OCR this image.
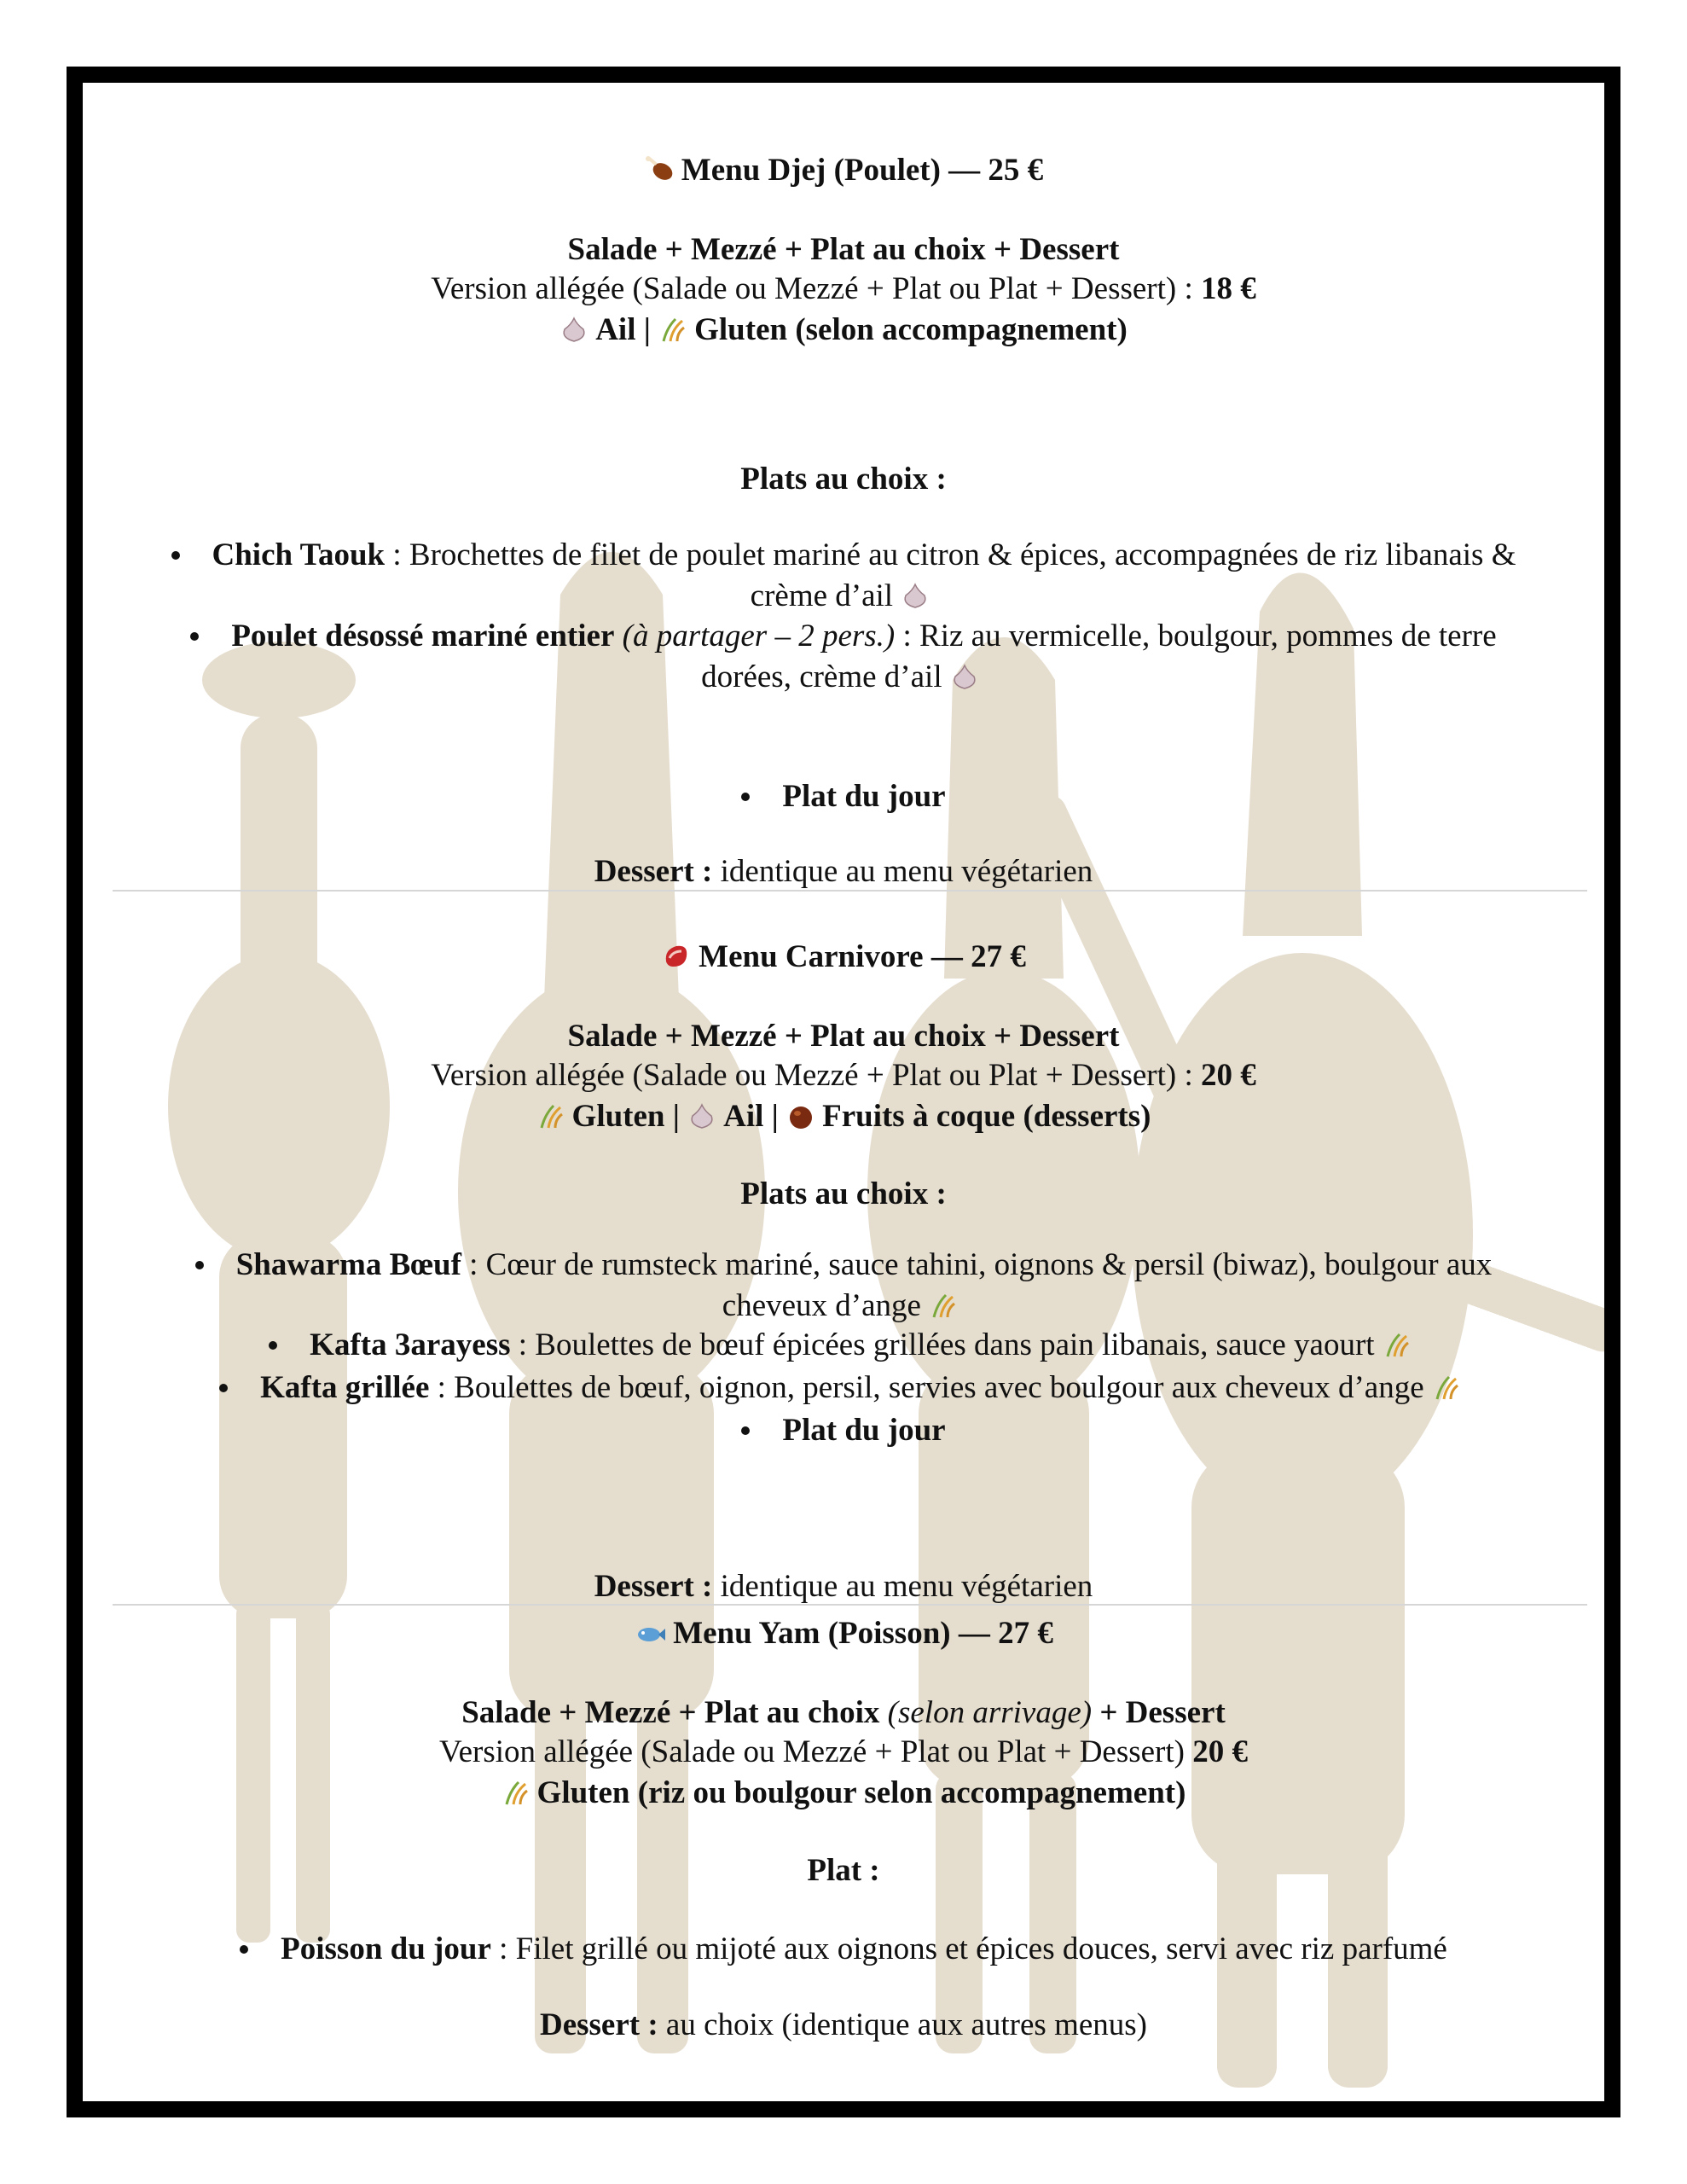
Menu Djej (Poulet) — 25 €
Salade + Mezzé + Plat au choix + Dessert
Version allégée (Salade ou Mezzé + Plat ou Plat + Dessert) : 18 €
Ail | Gluten (selon accompagnement)
Plats au choix :
Chich Taouk : Brochettes de filet de poulet mariné au citron & épices, accompagnées de riz libanais &
crème d’ail
Poulet désossé mariné entier (à partager – 2 pers.) : Riz au vermicelle, boulgour, pommes de terre
dorées, crème d’ail
Plat du jour
Dessert : identique au menu végétarien
Menu Carnivore — 27 €
Salade + Mezzé + Plat au choix + Dessert
Version allégée (Salade ou Mezzé + Plat ou Plat + Dessert) : 20 €
Gluten | Ail | Fruits à coque (desserts)
Plats au choix :
Shawarma Bœuf : Cœur de rumsteck mariné, sauce tahini, oignons & persil (biwaz), boulgour aux
cheveux d’ange
Kafta 3arayess : Boulettes de bœuf épicées grillées dans pain libanais, sauce yaourt
Kafta grillée : Boulettes de bœuf, oignon, persil, servies avec boulgour aux cheveux d’ange
Plat du jour
Dessert : identique au menu végétarien
Menu Yam (Poisson) — 27 €
Salade + Mezzé + Plat au choix (selon arrivage) + Dessert
Version allégée (Salade ou Mezzé + Plat ou Plat + Dessert) 20 €
Gluten (riz ou boulgour selon accompagnement)
Plat :
Poisson du jour : Filet grillé ou mijoté aux oignons et épices douces, servi avec riz parfumé
Dessert : au choix (identique aux autres menus)
